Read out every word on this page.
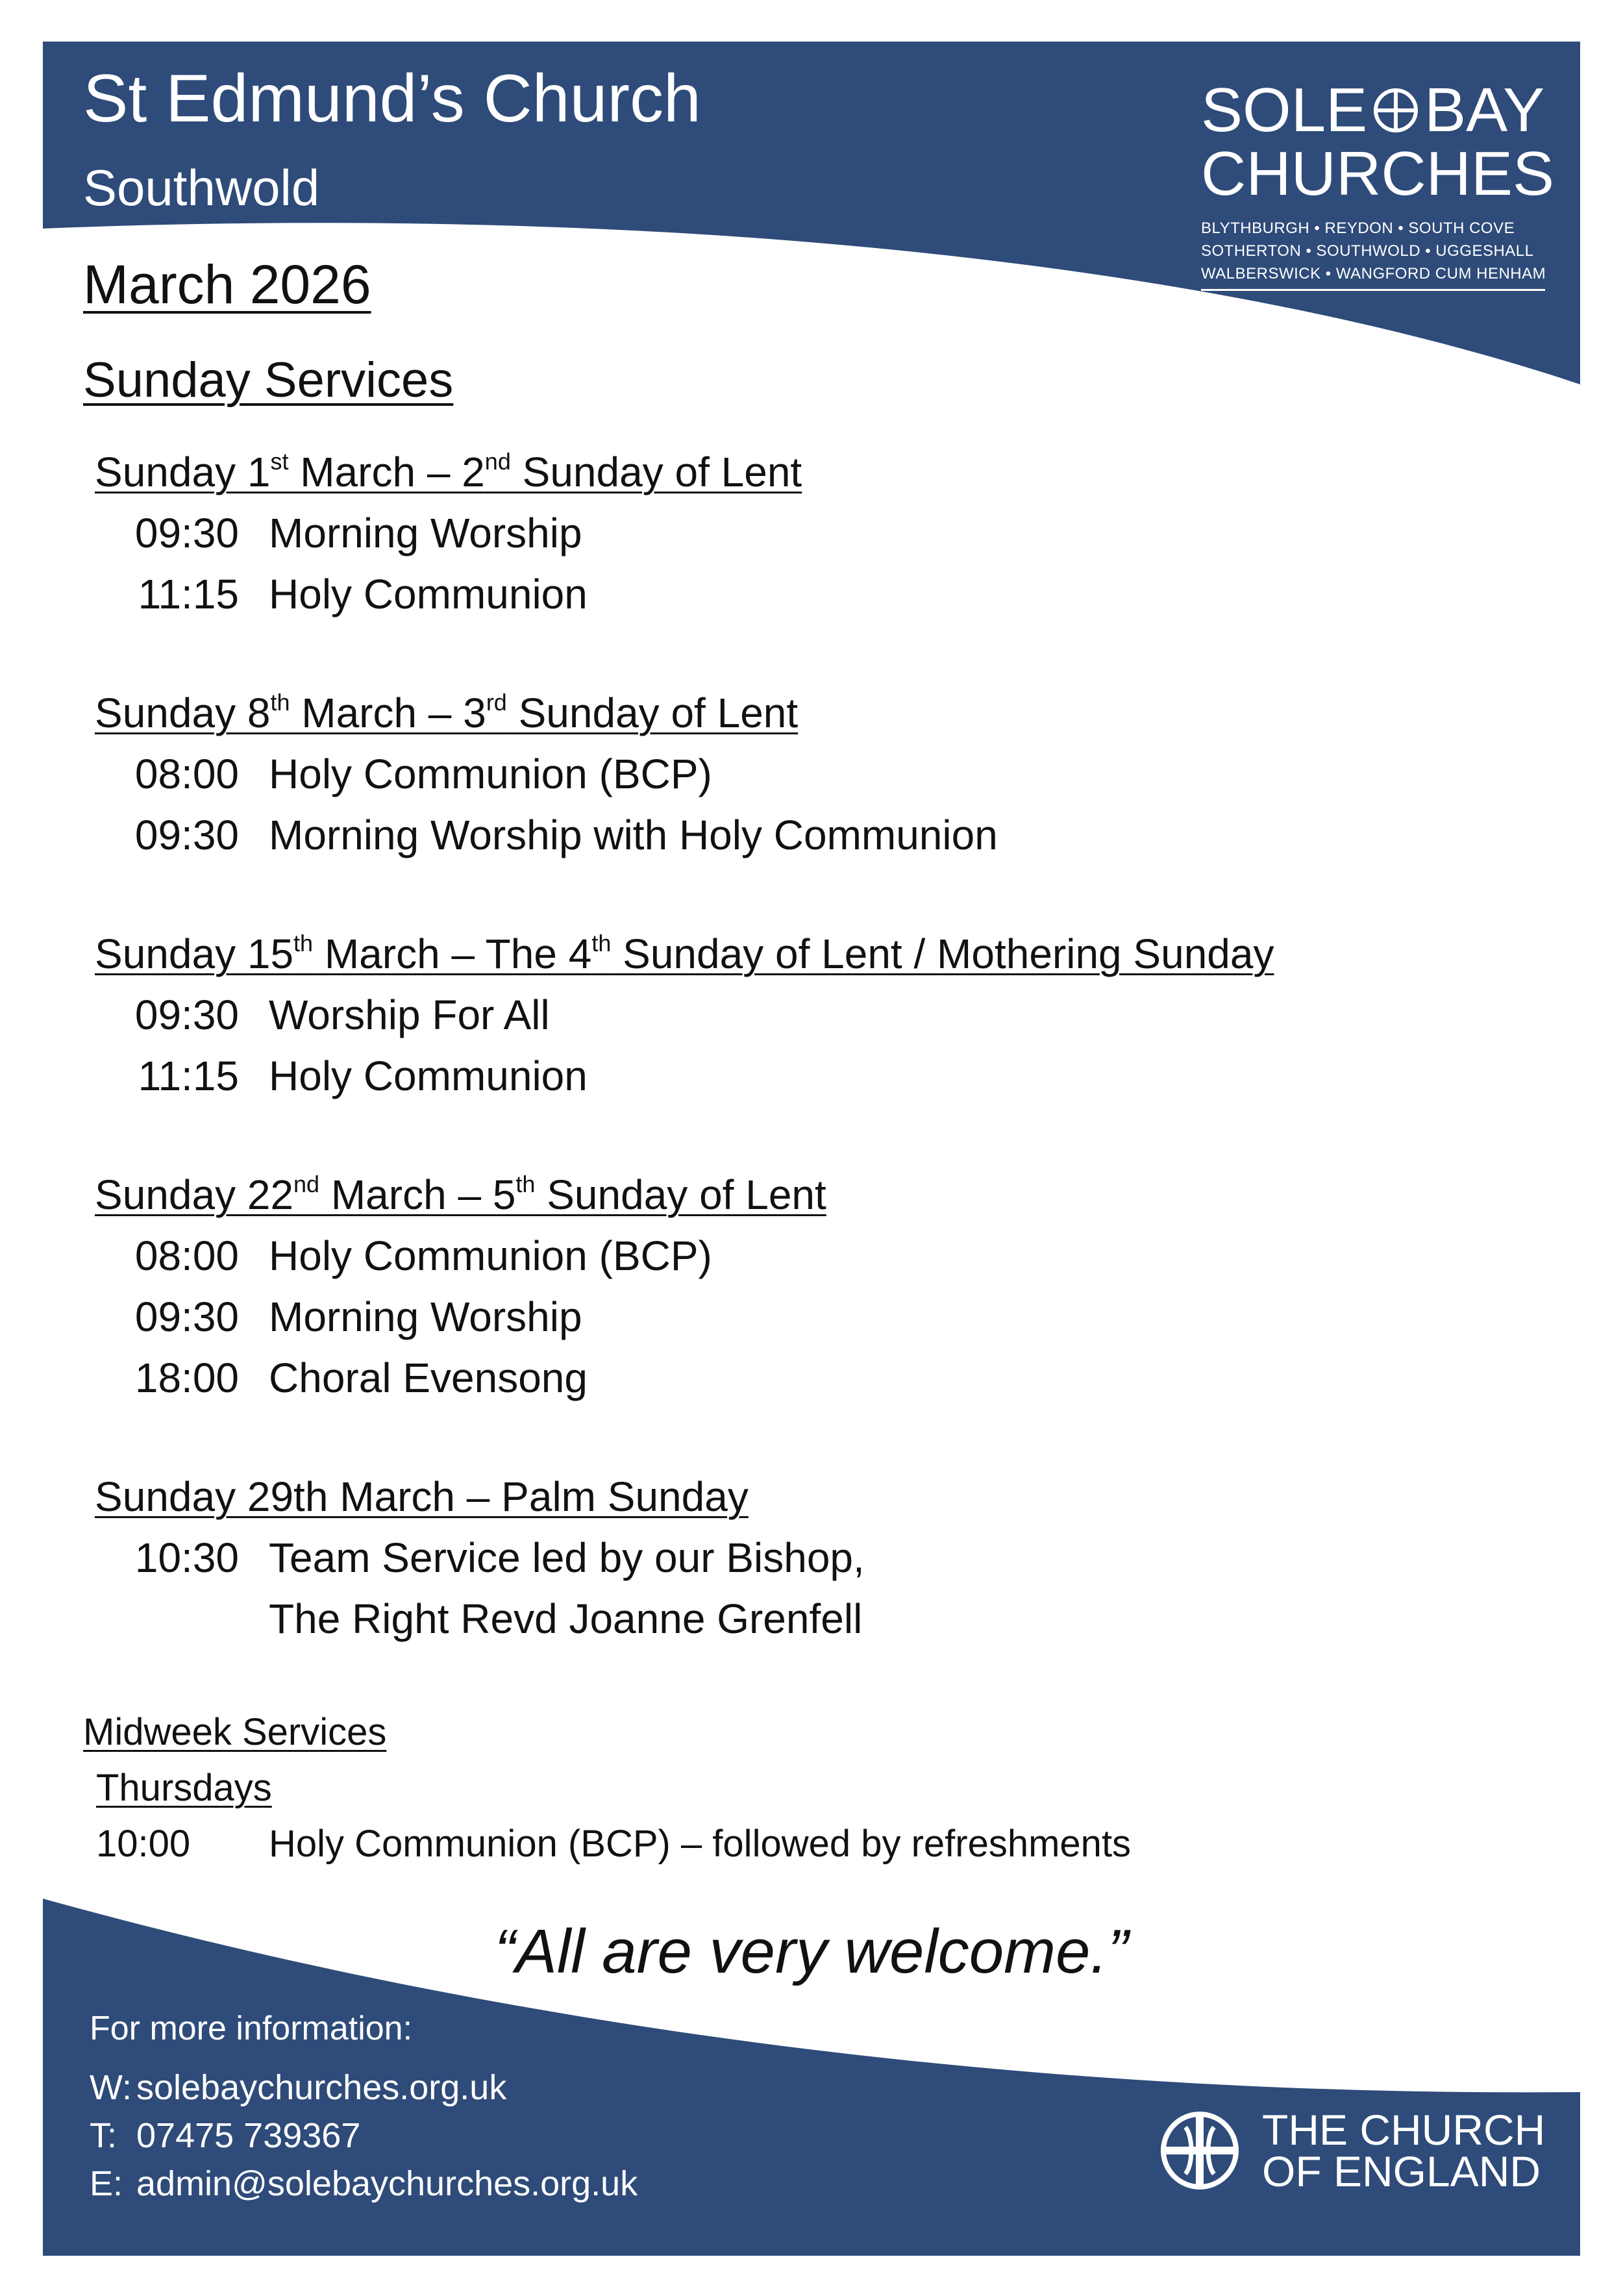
St Edmund’s Church
Southwold
SOLE BAY
CHURCHES
BLYTHBURGH • REYDON • SOUTH COVE
SOTHERTON • SOUTHWOLD • UGGESHALL
WALBERSWICK • WANGFORD CUM HENHAM
March 2026
Sunday Services
Sunday 1st March – 2nd Sunday of Lent
09:30 Morning Worship
11:15 Holy Communion
Sunday 8th March – 3rd Sunday of Lent
08:00 Holy Communion (BCP)
09:30 Morning Worship with Holy Communion
Sunday 15th March – The 4th Sunday of Lent / Mothering Sunday
09:30 Worship For All
11:15 Holy Communion
Sunday 22nd March – 5th Sunday of Lent
08:00 Holy Communion (BCP)
09:30 Morning Worship
18:00 Choral Evensong
Sunday 29th March – Palm Sunday
10:30 Team Service led by our Bishop,
The Right Revd Joanne Grenfell
Midweek Services
Thursdays
10:00 Holy Communion (BCP) – followed by refreshments
“All are very welcome.”
For more information:
W: solebaychurches.org.uk
T: 07475 739367
E: admin@solebaychurches.org.uk
THE CHURCH
OF ENGLAND
